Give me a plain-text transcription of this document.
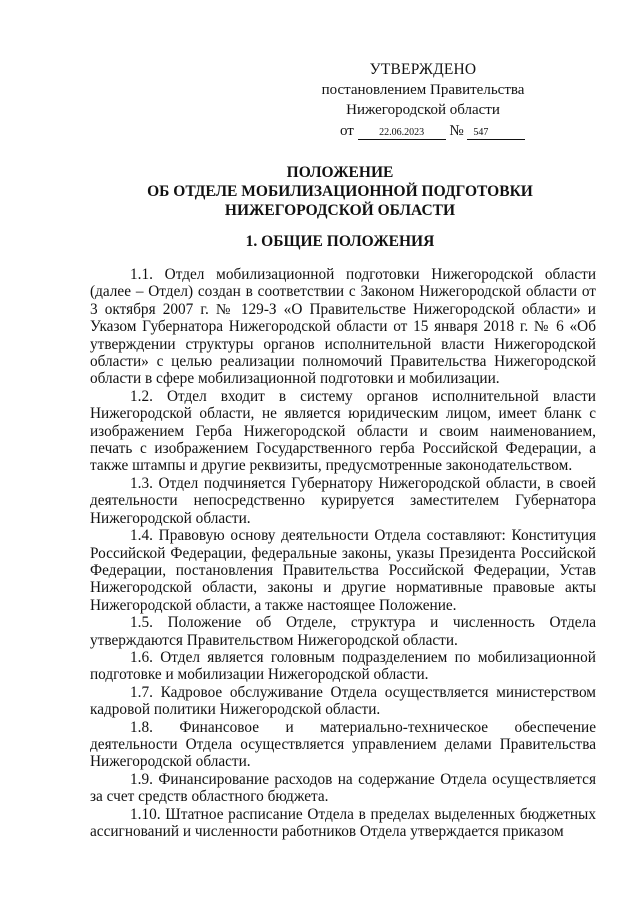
УТВЕРЖДЕНО
постановлением Правительства
Нижегородской области
от	22.06.2023 № 547
ПОЛОЖЕНИЕ
ОБ ОТДЕЛЕ МОБИЛИЗАЦИОННОЙ ПОДГОТОВКИ
НИЖЕГОРОДСКОЙ ОБЛАСТИ
1. ОБЩИЕ ПОЛОЖЕНИЯ

1.1. Отдел мобилизационной подготовки Нижегородской области (далее – Отдел) создан в соответствии с Законом Нижегородской области от 3 октября 2007 г. № 129-З «О Правительстве Нижегородской области» и Указом Губернатора Нижегородской области от 15 января 2018 г. № 6 «Об утверждении структуры органов исполнительной власти Нижегородской области» с целью реализации полномочий Правительства Нижегородской области в сфере мобилизационной подготовки и мобилизации.

1.2. Отдел входит в систему органов исполнительной власти Нижегородской области, не является юридическим лицом, имеет бланк с изображением Герба Нижегородской области и своим наименованием, печать с изображением Государственного герба Российской Федерации, а также штампы и другие реквизиты, предусмотренные законодательством.

1.3. Отдел подчиняется Губернатору Нижегородской области, в своей деятельности непосредственно курируется заместителем Губернатора Нижегородской области.

1.4. Правовую основу деятельности Отдела составляют: Конституция Российской Федерации, федеральные законы, указы Президента Российской Федерации, постановления Правительства Российской Федерации, Устав Нижегородской области, законы и другие нормативные правовые акты Нижегородской области, а также настоящее Положение.

1.5. Положение об Отделе, структура и численность Отдела утверждаются Правительством Нижегородской области.

1.6. Отдел является головным подразделением по мобилизационной подготовке и мобилизации Нижегородской области.

1.7. Кадровое обслуживание Отдела осуществляется министерством кадровой политики Нижегородской области.

1.8. Финансовое и материально-техническое обеспечение деятельности Отдела осуществляется управлением делами Правительства Нижегородской области.

1.9. Финансирование расходов на содержание Отдела осуществляется за счет средств областного бюджета.

1.10. Штатное расписание Отдела в пределах выделенных бюджетных ассигнований и численности работников Отдела утверждается приказом
